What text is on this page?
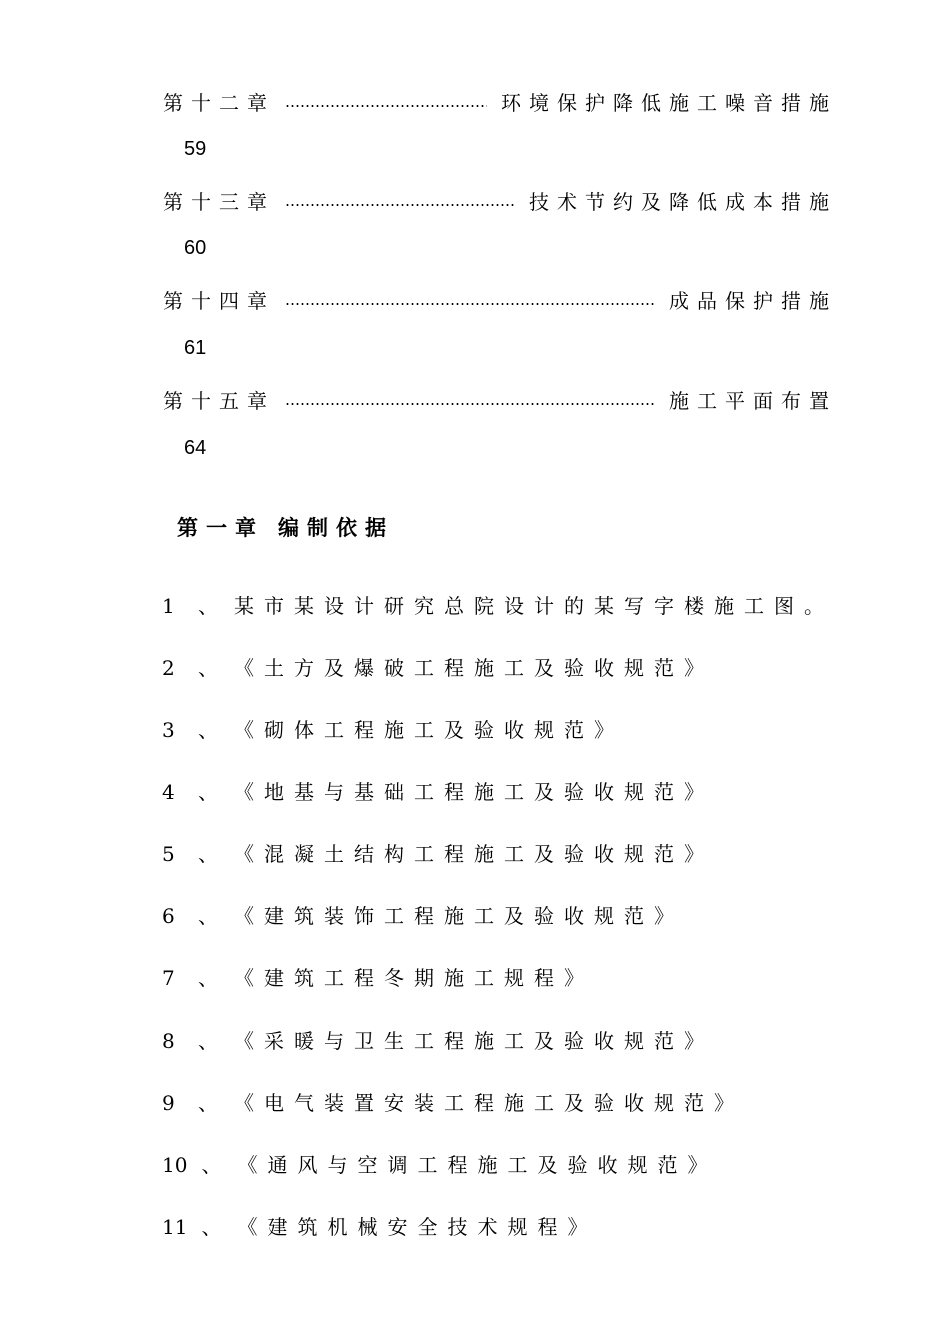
第十二章	环境保护降低施工噪音措施
59
第十三章	技术节约及降低成本措施
60
第十四章	成品保护措施
61
第十五章	施工平面布置
64
第一章 编制依据
1 、 某市某设计研究总院设计的某写字楼施工图。
2 、 《土方及爆破工程施工及验收规范》
3 、 《砌体工程施工及验收规范》
4 、 《地基与基础工程施工及验收规范》
5 、 《混凝土结构工程施工及验收规范》
6 、 《建筑装饰工程施工及验收规范》
7 、 《建筑工程冬期施工规程》
8 、 《采暖与卫生工程施工及验收规范》
9 、 《电气装置安装工程施工及验收规范》
10 、 《通风与空调工程施工及验收规范》
11 、 《建筑机械安全技术规程》
